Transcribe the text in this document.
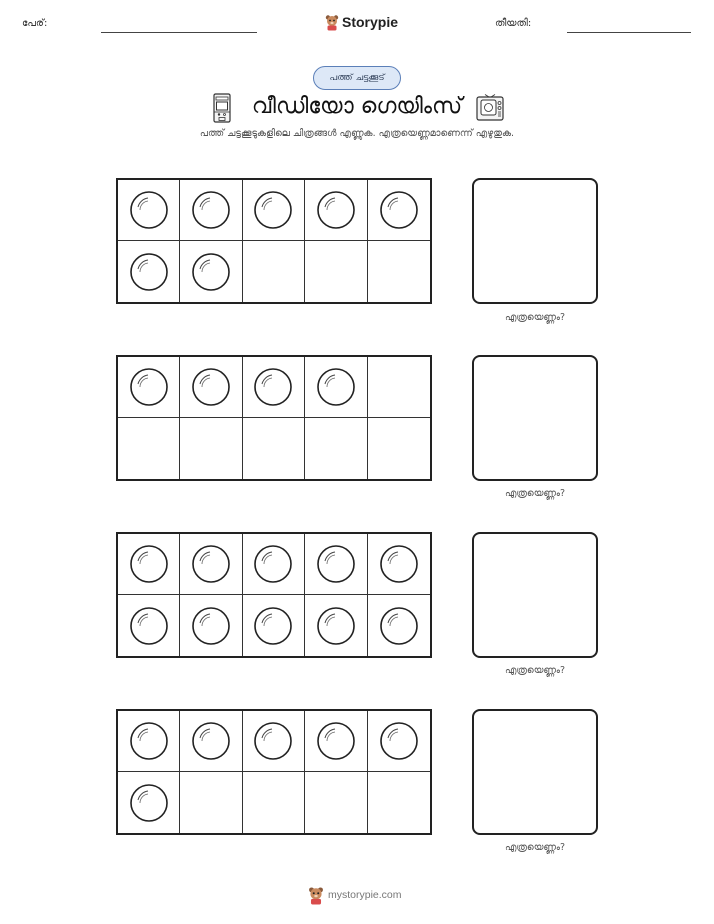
പേര്:	Storypie	തീയതി:
പത്ത് ചട്ടക്കൂട്
വീഡിയോ ഗെയിംസ്
പത്ത് ചട്ടക്കൂടുകളിലെ ചിത്രങ്ങൾ എണ്ണുക. എത്രയെണ്ണമാണെന്ന് എഴുതുക.
എത്രയെണ്ണം?
എത്രയെണ്ണം?
എത്രയെണ്ണം?
എത്രയെണ്ണം?
mystorypie.com
